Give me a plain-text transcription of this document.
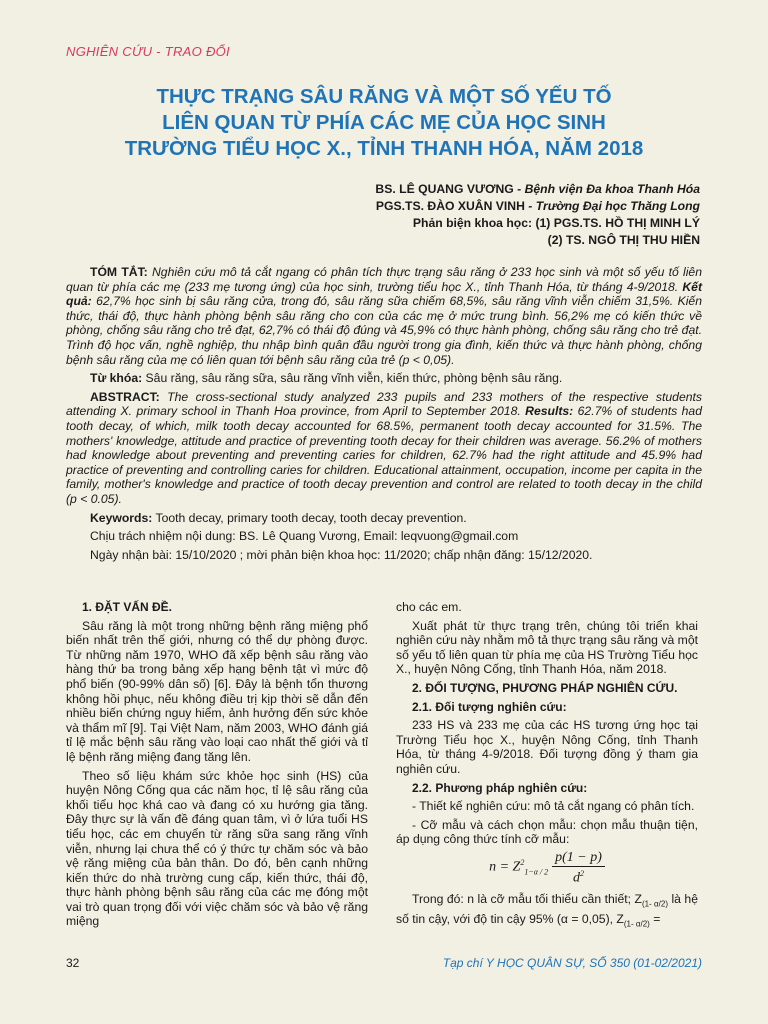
NGHIÊN CỨU - TRAO ĐỔI
THỰC TRẠNG SÂU RĂNG VÀ MỘT SỐ YẾU TỐ
LIÊN QUAN TỪ PHÍA CÁC MẸ CỦA HỌC SINH
TRƯỜNG TIỂU HỌC X., TỈNH THANH HÓA, NĂM 2018
BS. LÊ QUANG VƯƠNG - Bệnh viện Đa khoa Thanh Hóa
PGS.TS. ĐÀO XUÂN VINH - Trường Đại học Thăng Long
Phản biện khoa học: (1) PGS.TS. HỒ THỊ MINH LÝ
(2) TS. NGÔ THỊ THU HIỀN

TÓM TẮT: Nghiên cứu mô tả cắt ngang có phân tích thực trạng sâu răng ở 233 học sinh và một số yếu tố liên quan từ phía các mẹ (233 mẹ tương ứng) của học sinh, trường tiểu học X., tỉnh Thanh Hóa, từ tháng 4-9/2018. Kết quả: 62,7% học sinh bị sâu răng cửa, trong đó, sâu răng sữa chiếm 68,5%, sâu răng vĩnh viễn chiếm 31,5%. Kiến thức, thái độ, thực hành phòng bệnh sâu răng cho con của các mẹ ở mức trung bình. 56,2% mẹ có kiến thức về phòng, chống sâu răng cho trẻ đạt, 62,7% có thái độ đúng và 45,9% có thực hành phòng, chống sâu răng cho trẻ đạt. Trình độ học vấn, nghề nghiệp, thu nhập bình quân đầu người trong gia đình, kiến thức và thực hành phòng, chống bệnh sâu răng của mẹ có liên quan tới bệnh sâu răng của trẻ (p < 0,05).

Từ khóa: Sâu răng, sâu răng sữa, sâu răng vĩnh viễn, kiến thức, phòng bệnh sâu răng.

ABSTRACT: The cross-sectional study analyzed 233 pupils and 233 mothers of the respective students attending X. primary school in Thanh Hoa province, from April to September 2018. Results: 62.7% of students had tooth decay, of which, milk tooth decay accounted for 68.5%, permanent tooth decay accounted for 31.5%. The mothers' knowledge, attitude and practice of preventing tooth decay for their children was average. 56.2% of mothers had knowledge about preventing and preventing caries for children, 62.7% had the right attitude and 45.9% had practice of preventing and controlling caries for children. Educational attainment, occupation, income per capita in the family, mother's knowledge and practice of tooth decay prevention and control are related to tooth decay in the child (p < 0.05).

Keywords: Tooth decay, primary tooth decay, tooth decay prevention.

Chịu trách nhiệm nội dung: BS. Lê Quang Vương, Email: leqvuong@gmail.com
Ngày nhận bài: 15/10/2020 ; mời phản biện khoa học: 11/2020; chấp nhận đăng: 15/12/2020.
1. ĐẶT VẤN ĐỀ.

Sâu răng là một trong những bệnh răng miệng phổ biến nhất trên thế giới, nhưng có thể dự phòng được. Từ những năm 1970, WHO đã xếp bệnh sâu răng vào hàng thứ ba trong bảng xếp hạng bệnh tật vì mức độ phổ biến (90-99% dân số) [6]. Đây là bệnh tổn thương không hồi phục, nếu không điều trị kịp thời sẽ dẫn đến nhiều biến chứng nguy hiểm, ảnh hưởng đến sức khỏe và thẩm mĩ [9]. Tại Việt Nam, năm 2003, WHO đánh giá tỉ lệ mắc bệnh sâu răng vào loại cao nhất thế giới và tỉ lệ bệnh răng miệng đang tăng lên.

Theo số liệu khám sức khỏe học sinh (HS) của huyện Nông Cống qua các năm học, tỉ lệ sâu răng của khối tiểu học khá cao và đang có xu hướng gia tăng. Đây thực sự là vấn đề đáng quan tâm, vì ở lứa tuổi HS tiểu học, các em chuyển từ răng sữa sang răng vĩnh viễn, nhưng lại chưa thể có ý thức tự chăm sóc và bảo vệ răng miệng của bản thân. Do đó, bên cạnh những kiến thức do nhà trường cung cấp, kiến thức, thái độ, thực hành phòng bệnh sâu răng của các mẹ đóng một vai trò quan trọng đối với việc chăm sóc và bảo vệ răng miệng

cho các em.

Xuất phát từ thực trạng trên, chúng tôi triển khai nghiên cứu này nhằm mô tả thực trạng sâu răng và một số yếu tố liên quan từ phía mẹ của HS Trường Tiểu học X., huyện Nông Cống, tỉnh Thanh Hóa, năm 2018.

2. ĐỐI TƯỢNG, PHƯƠNG PHÁP NGHIÊN CỨU.
2.1. Đối tượng nghiên cứu:

233 HS và 233 mẹ của các HS tương ứng học tại Trường Tiểu học X., huyện Nông Cống, tỉnh Thanh Hóa, từ tháng 4-9/2018. Đối tượng đồng ý tham gia nghiên cứu.

2.2. Phương pháp nghiên cứu:

- Thiết kế nghiên cứu: mô tả cắt ngang có phân tích.

- Cỡ mẫu và cách chọn mẫu: chọn mẫu thuận tiện, áp dụng công thức tính cỡ mẫu:

$n = Z^2_{1-\alpha / 2} \frac{p(1 - p)}{d^2}$

Trong đó: n là cỡ mẫu tối thiểu cần thiết; $Z_{(1- \alpha/2)}$ là hệ số tin cậy, với độ tin cậy 95% (α = 0,05), $Z_{(1- \alpha/2)}$ =

32	Tạp chí Y HỌC QUÂN SỰ, SỐ 350 (01-02/2021)
